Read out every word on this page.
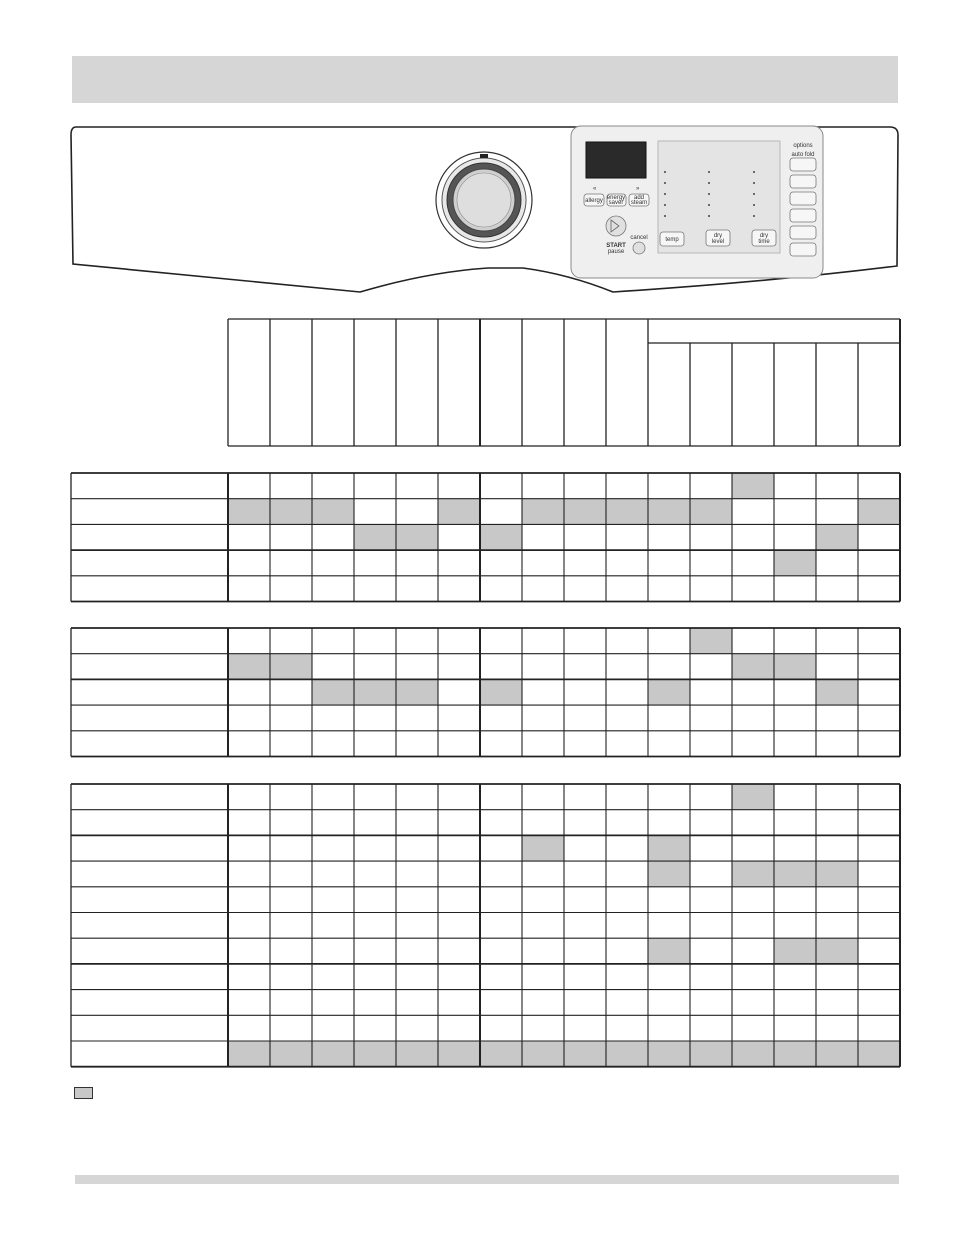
options
auto fold
«	»
allergy energy
saver
add
steam
START
pause
cancel	temp
dry
level
dry
time
